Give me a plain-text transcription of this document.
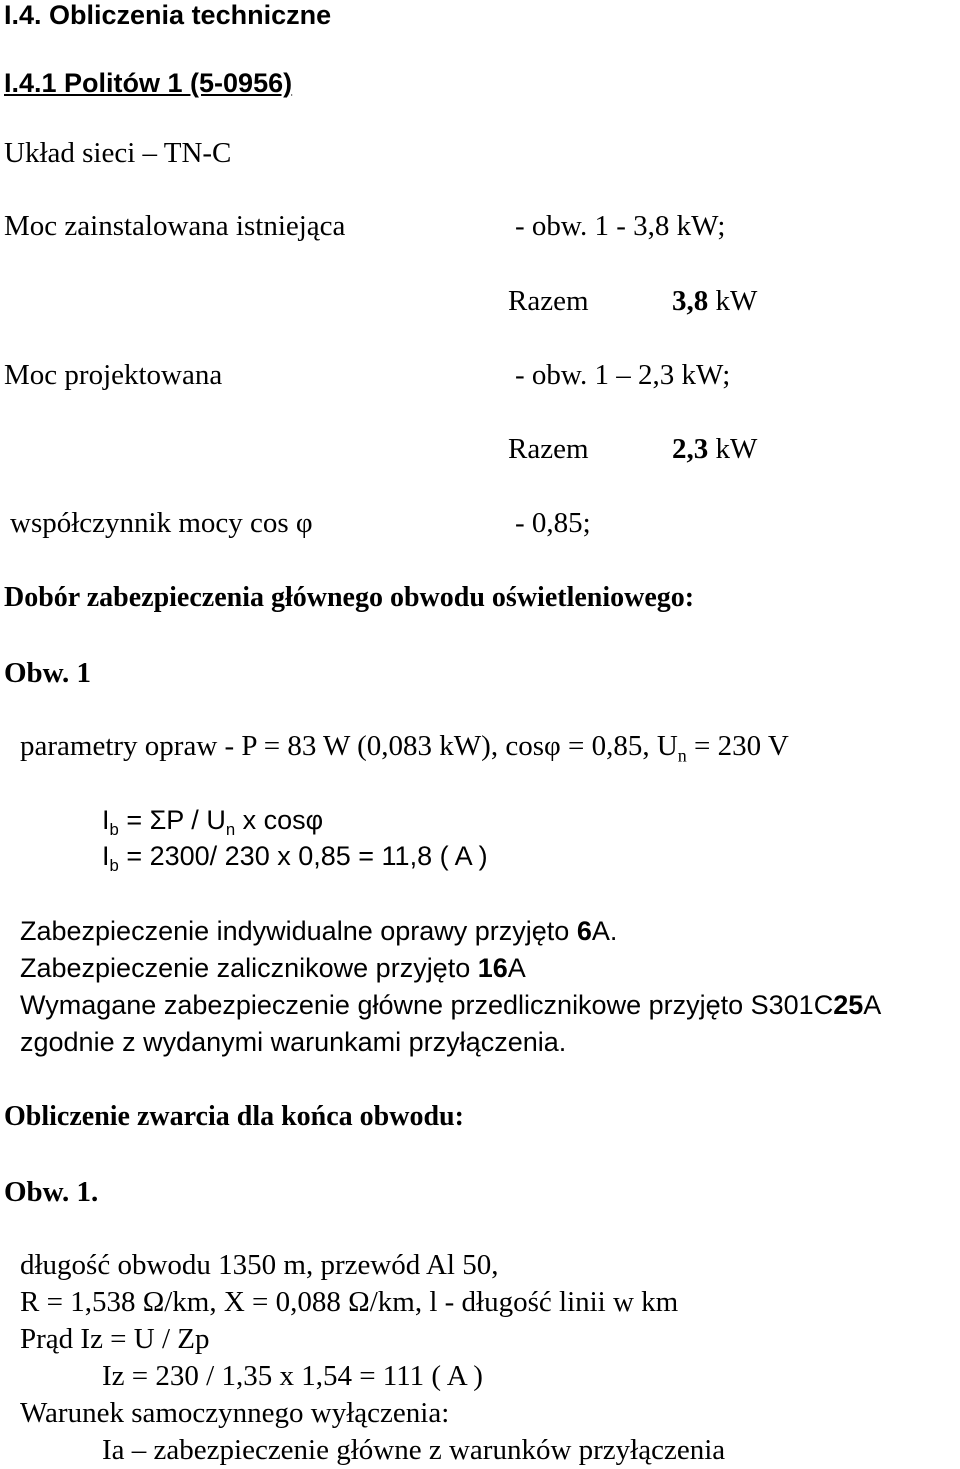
I.4. Obliczenia techniczne
I.4.1 Politów 1 (5-0956)
Układ sieci – TN-C
Moc zainstalowana istniejąca	- obw. 1 - 3,8 kW;
Razem	3,8 kW
Moc projektowana	- obw. 1 – 2,3 kW;
Razem	2,3 kW
współczynnik mocy cos φ	- 0,85;
Dobór zabezpieczenia głównego obwodu oświetleniowego:
Obw. 1
parametry opraw - P = 83 W (0,083 kW), cosφ = 0,85, $U_n = 230$ V
$I_b = \Sigma P / U_n$ x cosφ
$I_b = 2300/$ 230 x 0,85 = 11,8 ( A )
Zabezpieczenie indywidualne oprawy przyjęto 6A.
Zabezpieczenie zalicznikowe przyjęto 16A
Wymagane zabezpieczenie główne przedlicznikowe przyjęto S301C25A
zgodnie z wydanymi warunkami przyłączenia.
Obliczenie zwarcia dla końca obwodu:
Obw. 1.
długość obwodu 1350 m, przewód Al 50,
R = 1,538 Ω/km, X = 0,088 Ω/km, l - długość linii w km
Prąd Iz = U / Zp
Iz = 230 / 1,35 x 1,54 = 111 ( A )
Warunek samoczynnego wyłączenia:
Ia – zabezpieczenie główne z warunków przyłączenia
